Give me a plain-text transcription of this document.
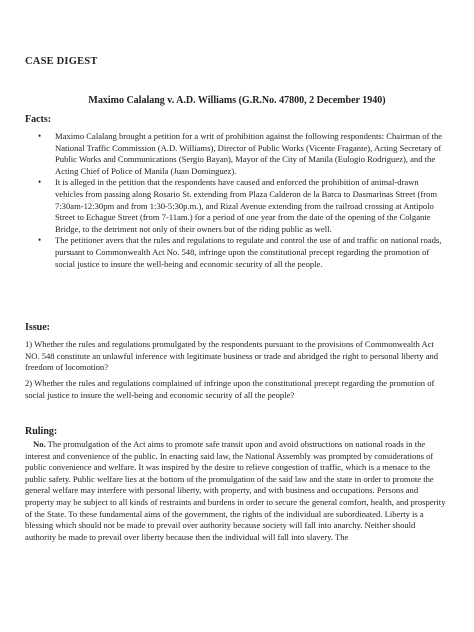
CASE DIGEST
Maximo Calalang v. A.D. Williams (G.R.No. 47800, 2 December 1940)
Facts:
• Maximo Calalang brought a petition for a writ of prohibition against the following respondents: Chairman of the National Traffic Commission (A.D. Williams), Director of Public Works (Vicente Fragante), Acting Secretary of Public Works and Communications (Sergio Bayan), Mayor of the City of Manila (Eulogio Rodriguez), and the Acting Chief of Police of Manila (Juan Dominguez).
• It is alleged in the petition that the respondents have caused and enforced the prohibition of animal-drawn vehicles from passing along Rosario St. extending from Plaza Calderon de la Barca to Dasmarinas Street (from 7:30am-12:30pm and from 1:30-5:30p.m.), and Rizal Avenue extending from the railroad crossing at Antipolo Street to Echague Street (from 7-11am.) for a period of one year from the date of the opening of the Colgante Bridge, to the detriment not only of their owners but of the riding public as well.
• The petitioner avers that the rules and regulations to regulate and control the use of and traffic on national roads, pursuant to Commonwealth Act No. 548, infringe upon the constitutional precept regarding the promotion of social justice to insure the well-being and economic security of all the people.
Issue:
1) Whether the rules and regulations promulgated by the respondents pursuant to the provisions of Commonwealth Act NO. 548 constitute an unlawful inference with legitimate business or trade and abridged the right to personal liberty and freedom of locomotion?
2) Whether the rules and regulations complained of infringe upon the constitutional precept regarding the promotion of social justice to insure the well-being and economic security of all the people?
Ruling:
No. The promulgation of the Act aims to promote safe transit upon and avoid obstructions on national roads in the interest and convenience of the public. In enacting said law, the National Assembly was prompted by considerations of public convenience and welfare. It was inspired by the desire to relieve congestion of traffic, which is a menace to the public safety. Public welfare lies at the bottom of the promulgation of the said law and the state in order to promote the general welfare may interfere with personal liberty, with property, and with business and occupations. Persons and property may be subject to all kinds of restraints and burdens in order to secure the general comfort, health, and prosperity of the State. To these fundamental aims of the government, the rights of the individual are subordinated. Liberty is a blessing which should not be made to prevail over authority because society will fall into anarchy. Neither should authority be made to prevail over liberty because then the individual will fall into slavery. The
